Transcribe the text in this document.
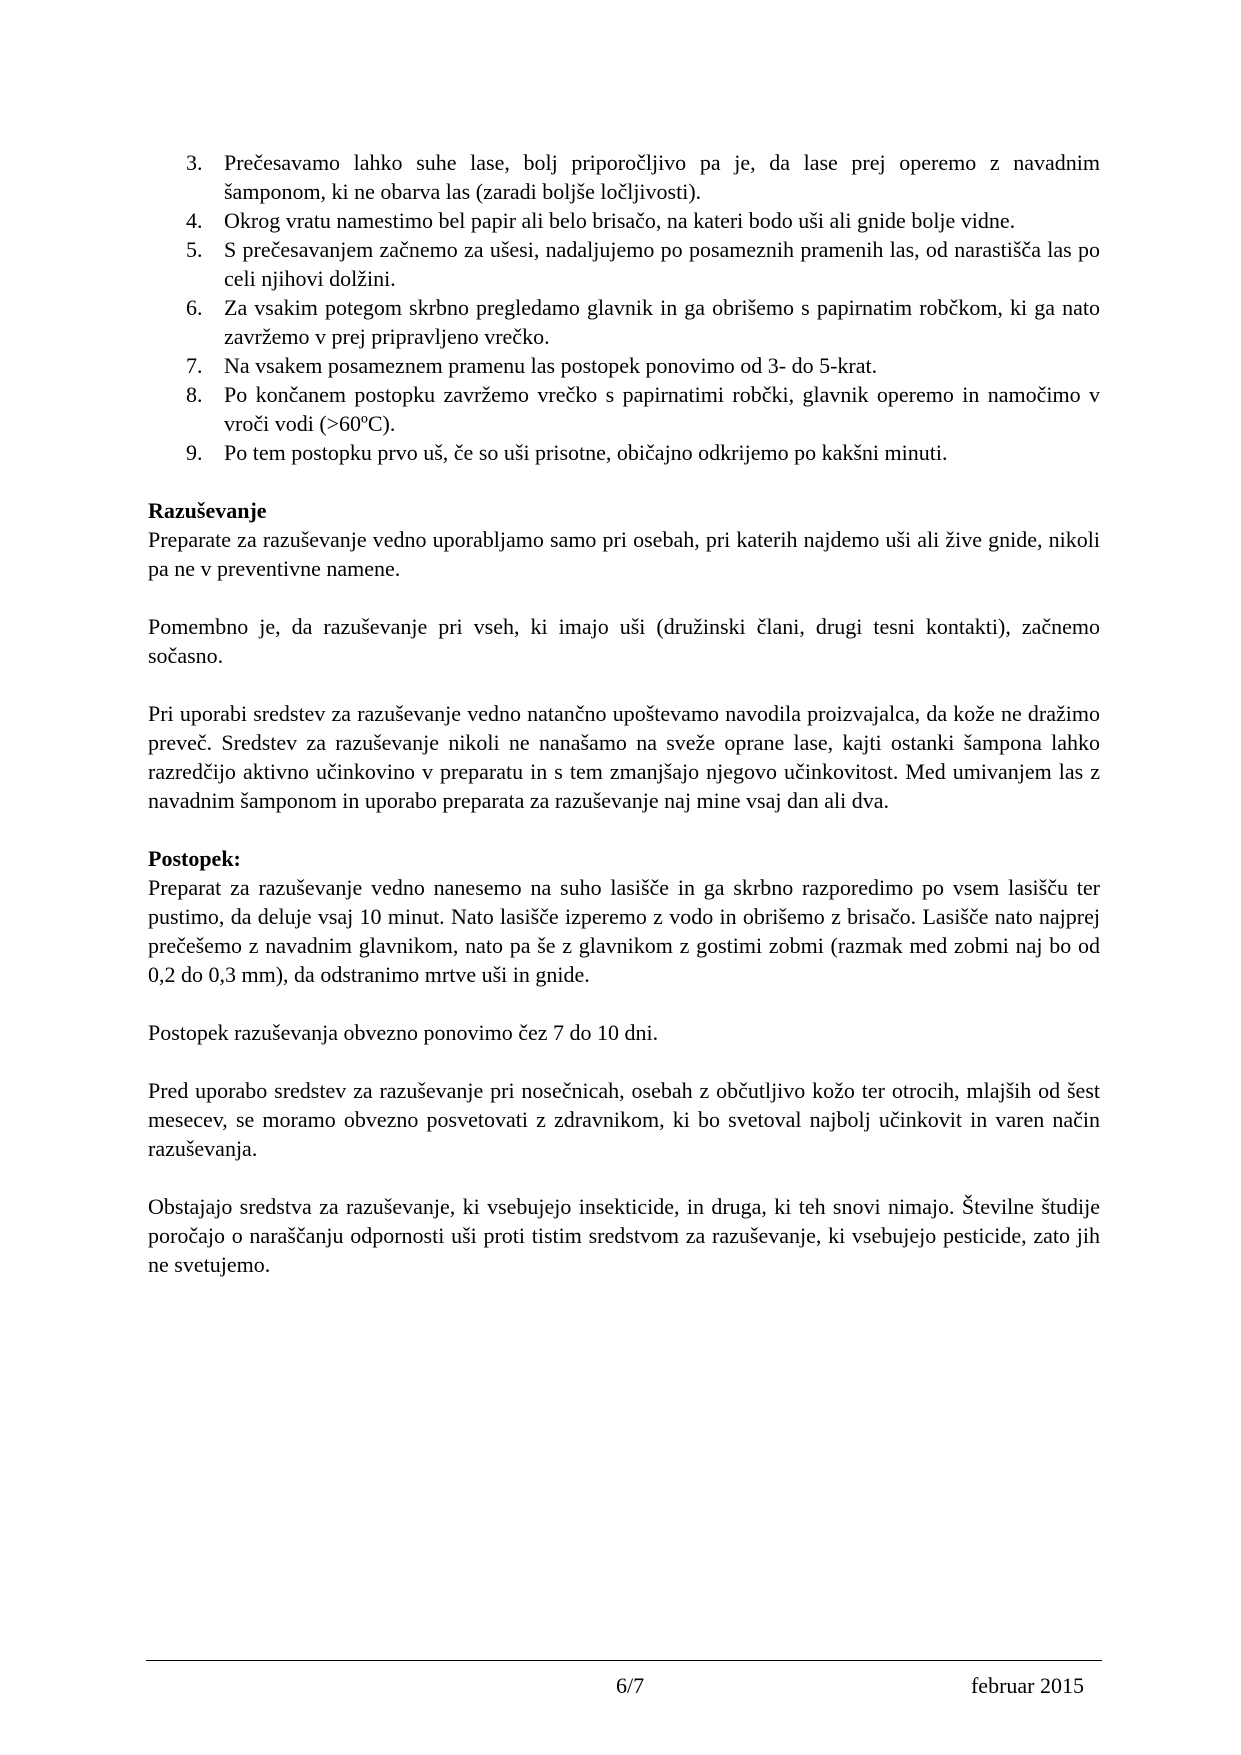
3. Prečesavamo lahko suhe lase, bolj priporočljivo pa je, da lase prej operemo z navadnim šamponom, ki ne obarva las (zaradi boljše ločljivosti).
4. Okrog vratu namestimo bel papir ali belo brisačo, na kateri bodo uši ali gnide bolje vidne.
5. S prečesavanjem začnemo za ušesi, nadaljujemo po posameznih pramenih las, od narastišča las po celi njihovi dolžini.
6. Za vsakim potegom skrbno pregledamo glavnik in ga obrišemo s papirnatim robčkom, ki ga nato zavržemo v prej pripravljeno vrečko.
7. Na vsakem posameznem pramenu las postopek ponovimo od 3- do 5-krat.
8. Po končanem postopku zavržemo vrečko s papirnatimi robčki, glavnik operemo in namočimo v vroči vodi (>60ºC).
9. Po tem postopku prvo uš, če so uši prisotne, običajno odkrijemo po kakšni minuti.
Razuševanje

Preparate za razuševanje vedno uporabljamo samo pri osebah, pri katerih najdemo uši ali žive gnide, nikoli pa ne v preventivne namene.

Pomembno je, da razuševanje pri vseh, ki imajo uši (družinski člani, drugi tesni kontakti), začnemo sočasno.

Pri uporabi sredstev za razuševanje vedno natančno upoštevamo navodila proizvajalca, da kože ne dražimo preveč. Sredstev za razuševanje nikoli ne nanašamo na sveže oprane lase, kajti ostanki šampona lahko razredčijo aktivno učinkovino v preparatu in s tem zmanjšajo njegovo učinkovitost. Med umivanjem las z navadnim šamponom in uporabo preparata za razuševanje naj mine vsaj dan ali dva.

Postopek:

Preparat za razuševanje vedno nanesemo na suho lasišče in ga skrbno razporedimo po vsem lasišču ter pustimo, da deluje vsaj 10 minut. Nato lasišče izperemo z vodo in obrišemo z brisačo. Lasišče nato najprej prečešemo z navadnim glavnikom, nato pa še z glavnikom z gostimi zobmi (razmak med zobmi naj bo od 0,2 do 0,3 mm), da odstranimo mrtve uši in gnide.

Postopek razuševanja obvezno ponovimo čez 7 do 10 dni.

Pred uporabo sredstev za razuševanje pri nosečnicah, osebah z občutljivo kožo ter otrocih, mlajših od šest mesecev, se moramo obvezno posvetovati z zdravnikom, ki bo svetoval najbolj učinkovit in varen način razuševanja.

Obstajajo sredstva za razuševanje, ki vsebujejo insekticide, in druga, ki teh snovi nimajo. Številne študije poročajo o naraščanju odpornosti uši proti tistim sredstvom za razuševanje, ki vsebujejo pesticide, zato jih ne svetujemo.

6/7	februar 2015
